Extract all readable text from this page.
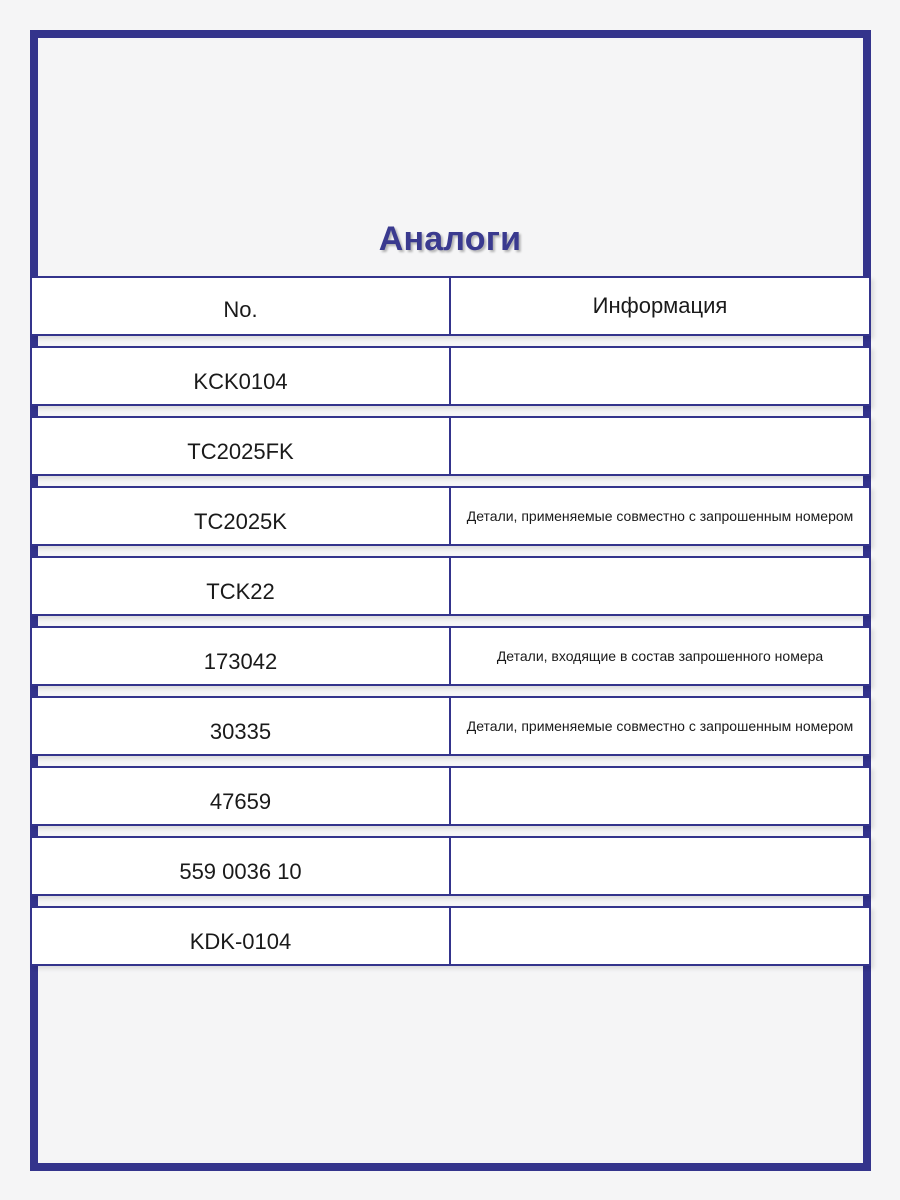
Аналоги
No.	Информация
KCK0104
TC2025FK
TC2025K	Детали, применяемые совместно с запрошенным номером
TCK22
173042	Детали, входящие в состав запрошенного номера
30335	Детали, применяемые совместно с запрошенным номером
47659
559 0036 10
KDK-0104
